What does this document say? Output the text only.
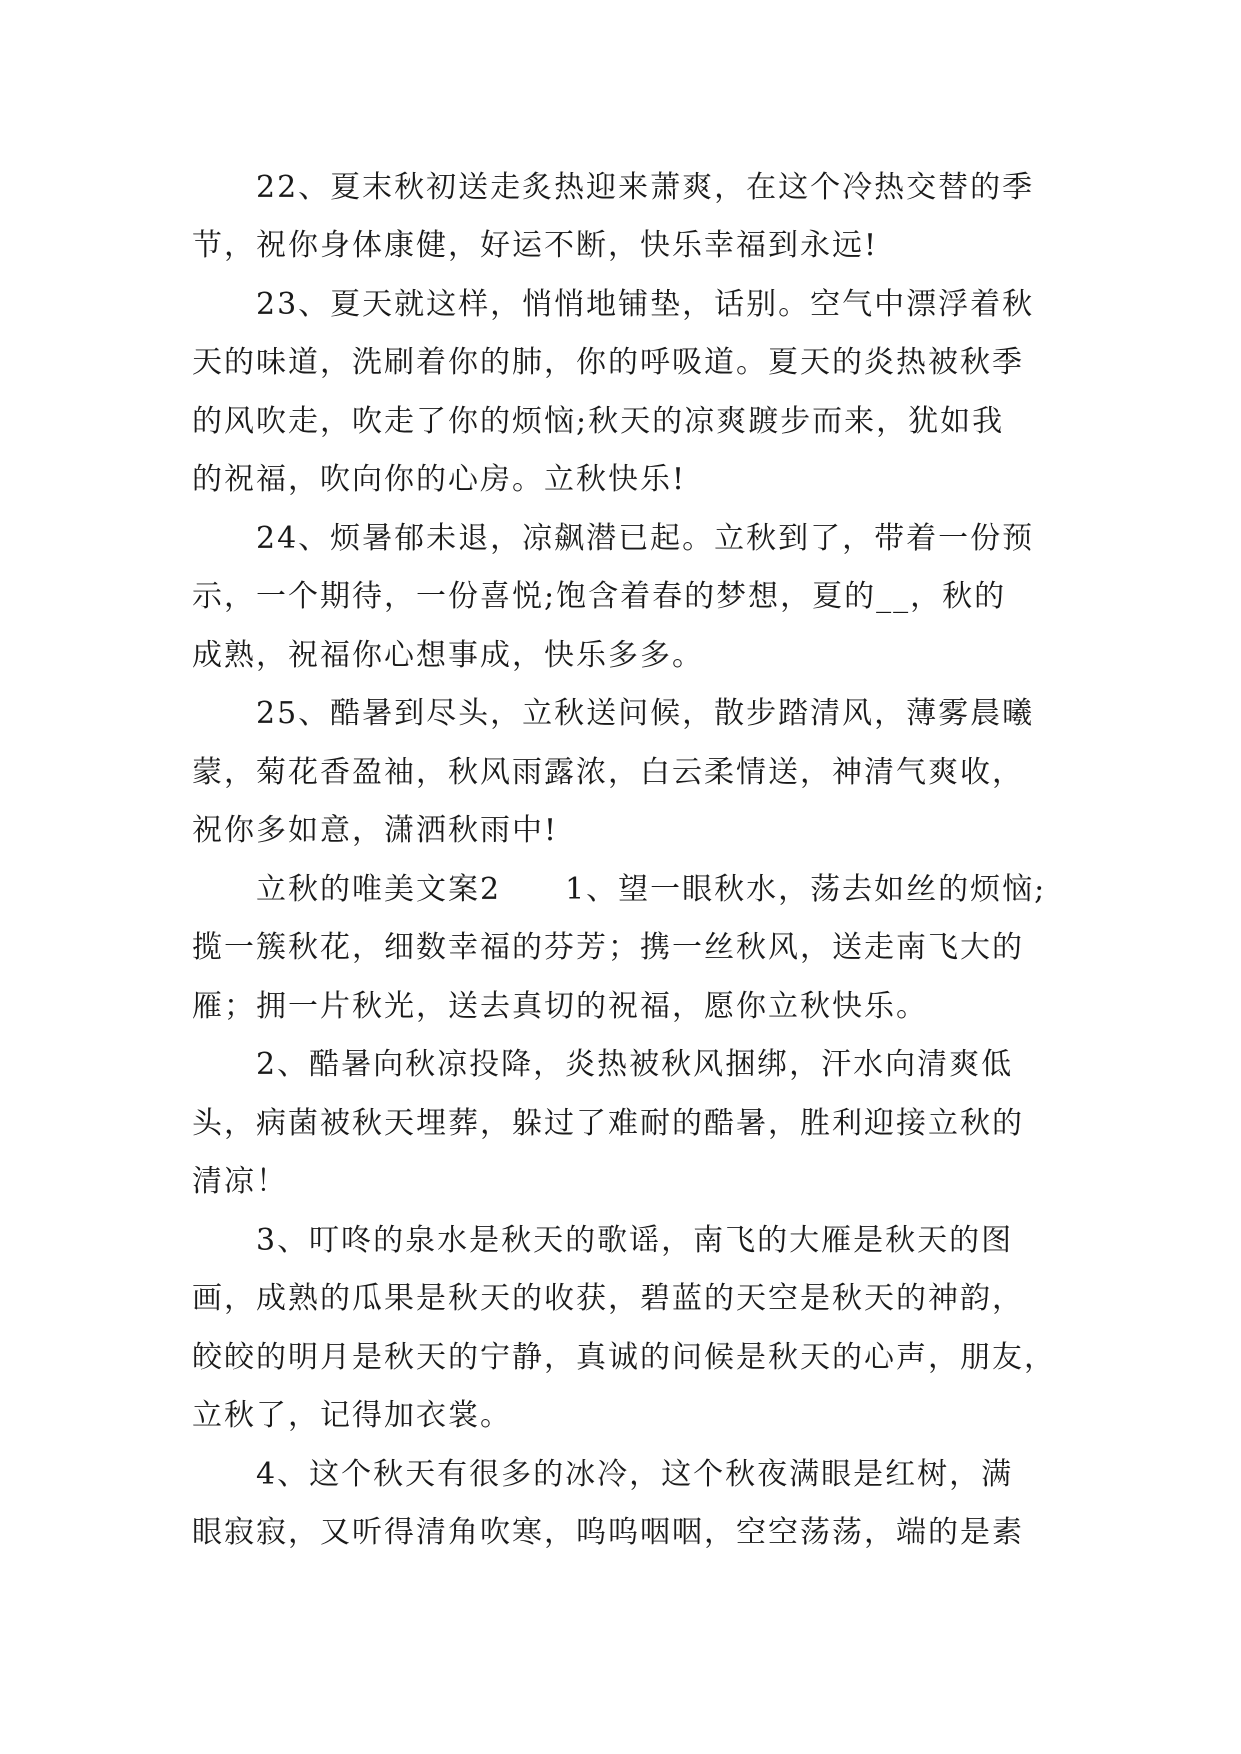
22、夏末秋初送走炙热迎来萧爽，在这个冷热交替的季
节，祝你身体康健，好运不断，快乐幸福到永远!
23、夏天就这样，悄悄地铺垫，话别。空气中漂浮着秋
天的味道，洗刷着你的肺，你的呼吸道。夏天的炎热被秋季
的风吹走，吹走了你的烦恼;秋天的凉爽踱步而来，犹如我
的祝福，吹向你的心房。立秋快乐!
24、烦暑郁未退，凉飙潜已起。立秋到了，带着一份预
示，一个期待，一份喜悦;饱含着春的梦想，夏的__，秋的
成熟，祝福你心想事成，快乐多多。
25、酷暑到尽头，立秋送问候，散步踏清风，薄雾晨曦
蒙，菊花香盈袖，秋风雨露浓，白云柔情送，神清气爽收，
祝你多如意，潇洒秋雨中!
立秋的唯美文案2　　1、望一眼秋水，荡去如丝的烦恼;
揽一簇秋花，细数幸福的芬芳；携一丝秋风，送走南飞大的
雁；拥一片秋光，送去真切的祝福，愿你立秋快乐。
2、酷暑向秋凉投降，炎热被秋风捆绑，汗水向清爽低
头，病菌被秋天埋葬，躲过了难耐的酷暑，胜利迎接立秋的
清凉！
3、叮咚的泉水是秋天的歌谣，南飞的大雁是秋天的图
画，成熟的瓜果是秋天的收获，碧蓝的天空是秋天的神韵，
皎皎的明月是秋天的宁静，真诚的问候是秋天的心声，朋友，
立秋了，记得加衣裳。
4、这个秋天有很多的冰冷，这个秋夜满眼是红树，满
眼寂寂，又听得清角吹寒，呜呜咽咽，空空荡荡，端的是素
